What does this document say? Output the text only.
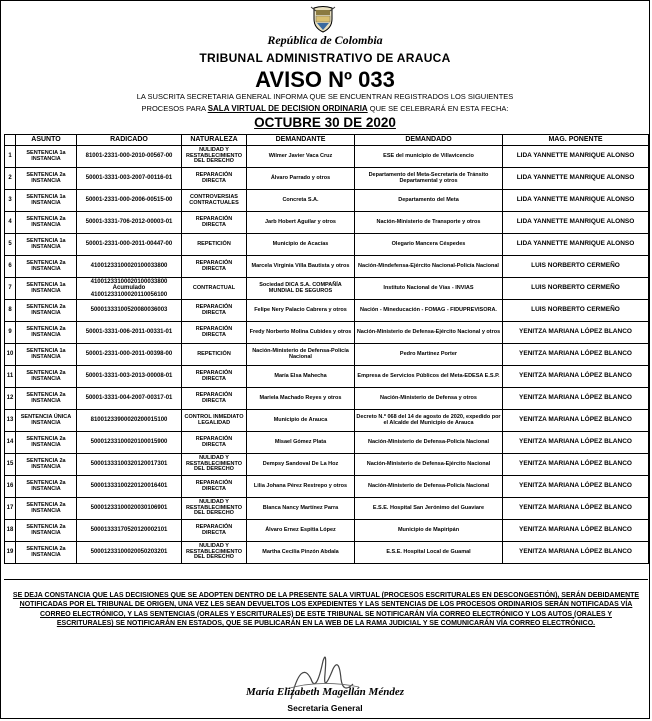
República de Colombia
TRIBUNAL ADMINISTRATIVO DE ARAUCA
AVISO Nº 033
LA SUSCRITA SECRETARIA GENERAL INFORMA QUE SE ENCUENTRAN REGISTRADOS LOS SIGUIENTES
PROCESOS PARA SALA VIRTUAL DE DECISION ORDINARIA QUE SE CELEBRARÁ EN ESTA FECHA:
OCTUBRE 30 DE 2020
	ASUNTO	RADICADO	NATURALEZA	DEMANDANTE	DEMANDADO	MAG. PONENTE
1	SENTENCIA 1a INSTANCIA	81001-2331-000-2010-00567-00	NULIDAD Y RESTABLECIMIENTO DEL DERECHO	Wilmer Javier Vaca Cruz	ESE del municipio de Villavicencio	LIDA YANNETTE MANRIQUE ALONSO
2	SENTENCIA 2a INSTANCIA	50001-3331-003-2007-00116-01	REPARACIÓN DIRECTA	Álvaro Parrado y otros	Departamento del Meta-Secretaría de Tránsito Departamental y otros	LIDA YANNETTE MANRIQUE ALONSO
3	SENTENCIA 1a INSTANCIA	50001-2331-000-2006-00515-00	CONTROVERSIAS CONTRACTUALES	Concreta S.A.	Departamento del Meta	LIDA YANNETTE MANRIQUE ALONSO
4	SENTENCIA 2a INSTANCIA	50001-3331-706-2012-00003-01	REPARACIÓN DIRECTA	Jarb Hobert Aguilar y otros	Nación-Ministerio de Transporte y otros	LIDA YANNETTE MANRIQUE ALONSO
5	SENTENCIA 1a INSTANCIA	50001-2331-000-2011-00447-00	REPETICIÓN	Municipio de Acacías	Olegario Mancera Céspedes	LIDA YANNETTE MANRIQUE ALONSO
6	SENTENCIA 2a INSTANCIA	41001233100020100033800	REPARACIÓN DIRECTA	Marcela Virginia Villa Bautista y otros	Nación-Mindefensa-Ejército Nacional-Policía Nacional	LUIS NORBERTO CERMEÑO
7	SENTENCIA 1a INSTANCIA	41001233100020100033800 Acumulado 41001233100020110056100	CONTRACTUAL	Sociedad DICA S.A. COMPAÑÍA MUNDIAL DE SEGUROS	Instituto Nacional de Vías - INVIAS	LUIS NORBERTO CERMEÑO
8	SENTENCIA 2a INSTANCIA	50001333100520080036003	REPARACIÓN DIRECTA	Felipe Nery Palacio Cabrera y otros	Nación - Mineducación - FOMAG - FIDUPREVISORA.	LUIS NORBERTO CERMEÑO
9	SENTENCIA 2a INSTANCIA	50001-3331-006-2011-00331-01	REPARACIÓN DIRECTA	Fredy Norberto Molina Cubides y otros	Nación-Ministerio de Defensa-Ejército Nacional y otros	YENITZA MARIANA LÓPEZ BLANCO
10	SENTENCIA 1a INSTANCIA	50001-2331-000-2011-00398-00	REPETICIÓN	Nación-Ministerio de Defensa-Policía Nacional	Pedro Martínez Porter	YENITZA MARIANA LÓPEZ BLANCO
11	SENTENCIA 2a INSTANCIA	50001-3331-003-2013-00008-01	REPARACIÓN DIRECTA	María Elsa Mahecha	Empresa de Servicios Públicos del Meta-EDESA E.S.P.	YENITZA MARIANA LÓPEZ BLANCO
12	SENTENCIA 2a INSTANCIA	50001-3331-004-2007-00317-01	REPARACIÓN DIRECTA	Mariela Machado Reyes y otros	Nación-Ministerio de Defensa y otros	YENITZA MARIANA LÓPEZ BLANCO
13	SENTENCIA ÚNICA INSTANCIA	81001233900020200015100	CONTROL INMEDIATO LEGALIDAD	Municipio de Arauca	Decreto N.º 068 del 14 de agosto de 2020, expedido por el Alcalde del Municipio de Arauca	YENITZA MARIANA LÓPEZ BLANCO
14	SENTENCIA 2a INSTANCIA	50001233100020100015900	REPARACIÓN DIRECTA	Misael Gómez Plata	Nación-Ministerio de Defensa-Policía Nacional	YENITZA MARIANA LÓPEZ BLANCO
15	SENTENCIA 2a INSTANCIA	50001333100320120017301	NULIDAD Y RESTABLECIMIENTO DEL DERECHO	Dempsy Sandoval De La Hoz	Nación-Ministerio de Defensa-Ejército Nacional	YENITZA MARIANA LÓPEZ BLANCO
16	SENTENCIA 2a INSTANCIA	50001333100220120016401	REPARACIÓN DIRECTA	Lilia Johana Pérez Restrepo y otros	Nación-Ministerio de Defensa-Policía Nacional	YENITZA MARIANA LÓPEZ BLANCO
17	SENTENCIA 2a INSTANCIA	50001233100020030106901	NULIDAD Y RESTABLECIMIENTO DEL DERECHO	Blanca Nancy Martínez Parra	E.S.E. Hospital San Jerónimo del Guaviare	YENITZA MARIANA LÓPEZ BLANCO
18	SENTENCIA 2a INSTANCIA	50001333170520120002101	REPARACIÓN DIRECTA	Álvaro Ernez Espitia López	Municipio de Mapiripán	YENITZA MARIANA LÓPEZ BLANCO
19	SENTENCIA 2a INSTANCIA	50001233100020050203201	NULIDAD Y RESTABLECIMIENTO DEL DERECHO	Martha Cecilia Pinzón Abdala	E.S.E. Hospital Local de Guamal	YENITZA MARIANA LÓPEZ BLANCO
SE DEJA CONSTANCIA QUE LAS DECISIONES QUE SE ADOPTEN DENTRO DE LA PRESENTE SALA VIRTUAL (PROCESOS ESCRITURALES EN DESCONGESTIÓN), SERÁN DEBIDAMENTE NOTIFICADAS POR EL TRIBUNAL DE ORIGEN, UNA VEZ LES SEAN DEVUELTOS LOS EXPEDIENTES Y LAS SENTENCIAS DE LOS PROCESOS ORDINARIOS SERÁN NOTIFICADAS VÍA CORREO ELECTRÓNICO, Y LAS SENTENCIAS (ORALES Y ESCRITURALES) DE ESTE TRIBUNAL SE NOTIFICARÁN VÍA CORREO ELECTRÓNICO Y LOS AUTOS (ORALES Y ESCRITURALES) SE NOTIFICARÁN EN ESTADOS, QUE SE PUBLICARÁN EN LA WEB DE LA RAMA JUDICIAL Y SE COMUNICARÁN VÍA CORREO ELECTRÓNICO.
María Elizabeth Magellán Méndez
Secretaria General
